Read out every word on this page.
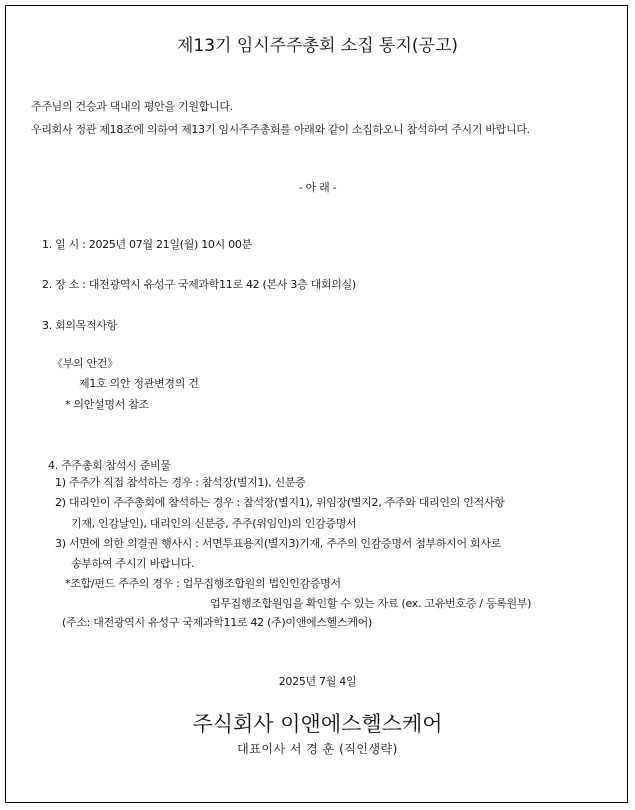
제13기 임시주주총회 소집 통지(공고)
주주님의 건승과 댁내의 평안을 기원합니다.
우리회사 정관 제18조에 의하여 제13기 임시주주총회를 아래와 같이 소집하오니 참석하여 주시기 바랍니다.
- 아 래 -
1. 일 시 : 2025년 07월 21일(월) 10시 00분
2. 장 소 : 대전광역시 유성구 국제과학11로 42 (본사 3층 대회의실)
3. 회의목적사항
《부의 안건》
제1호 의안 정관변경의 건
* 의안설명서 참조
4. 주주총회 참석시 준비물
1) 주주가 직접 참석하는 경우 : 참석장(별지1), 신분증
2) 대리인이 주주총회에 참석하는 경우 : 참석장(별지1), 위임장(별지2, 주주와 대리인의 인적사항
기재, 인감날인), 대리인의 신분증, 주주(위임인)의 인감증명서
3) 서면에 의한 의결권 행사시 : 서면투표용지(별지3)기재, 주주의 인감증명서 첨부하시어 회사로
송부하여 주시기 바랍니다.
*조합/펀드 주주의 경우 : 업무집행조합원의 법인인감증명서
업무집행조합원임을 확인할 수 있는 자료 (ex. 고유번호증 / 등록원부)
(주소: 대전광역시 유성구 국제과학11로 42 (주)이앤에스헬스케어)
2025년 7월 4일
주식회사 이앤에스헬스케어
대표이사 서 경 훈 (직인생략)
